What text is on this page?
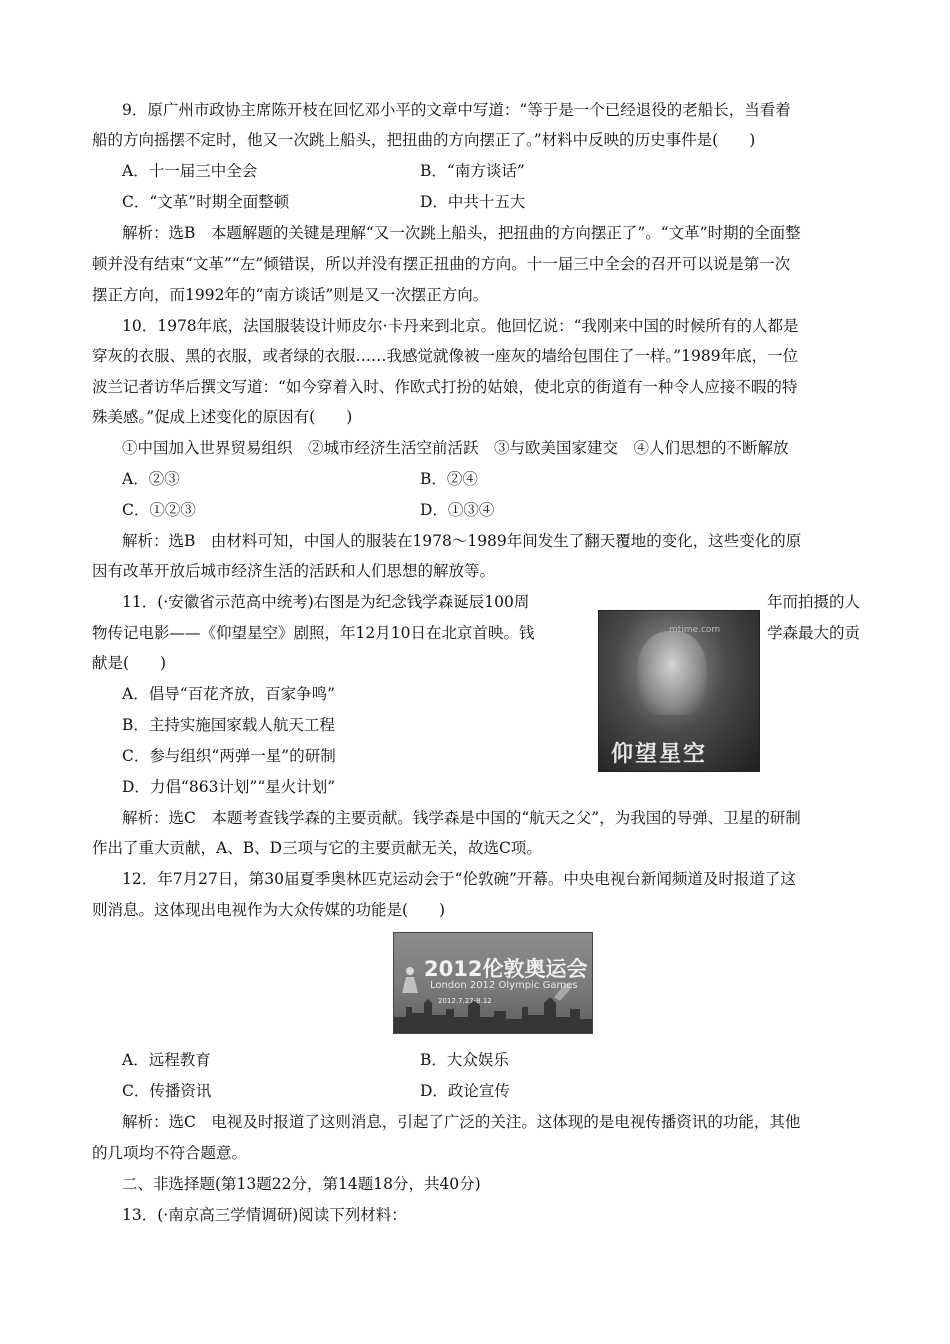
9．原广州市政协主席陈开枝在回忆邓小平的文章中写道：“等于是一个已经退役的老船长，当看着
船的方向摇摆不定时，他又一次跳上船头，把扭曲的方向摆正了。”材料中反映的历史事件是(　　)
A．十一届三中全会	B．“南方谈话”
C．“文革”时期全面整顿	D．中共十五大
解析：选B　本题解题的关键是理解“又一次跳上船头，把扭曲的方向摆正了”。“文革”时期的全面整
顿并没有结束“文革”“左”倾错误，所以并没有摆正扭曲的方向。十一届三中全会的召开可以说是第一次
摆正方向，而1992年的“南方谈话”则是又一次摆正方向。
10．1978年底，法国服装设计师皮尔·卡丹来到北京。他回忆说：“我刚来中国的时候所有的人都是
穿灰的衣服、黑的衣服，或者绿的衣服……我感觉就像被一座灰的墙给包围住了一样。”1989年底，一位
波兰记者访华后撰文写道：“如今穿着入时、作欧式打扮的姑娘，使北京的街道有一种令人应接不暇的特
殊美感。”促成上述变化的原因有(　　)
①中国加入世界贸易组织　②城市经济生活空前活跃　③与欧美国家建交　④人们思想的不断解放
A．②③	B．②④
C．①②③	D．①③④
解析：选B　由材料可知，中国人的服装在1978～1989年间发生了翻天覆地的变化，这些变化的原
因有改革开放后城市经济生活的活跃和人们思想的解放等。
11．(·安徽省示范高中统考)右图是为纪念钱学森诞辰100周	年而拍摄的人
物传记电影——《仰望星空》剧照，年12月10日在北京首映。钱	学森最大的贡
献是(　　)
A．倡导“百花齐放，百家争鸣”
B．主持实施国家载人航天工程
C．参与组织“两弹一星”的研制
D．力倡“863计划”“星火计划”
mtime.com
仰望星空
解析：选C　本题考查钱学森的主要贡献。钱学森是中国的“航天之父”，为我国的导弹、卫星的研制
作出了重大贡献，A、B、D三项与它的主要贡献无关，故选C项。
12．年7月27日，第30届夏季奥林匹克运动会于“伦敦碗”开幕。中央电视台新闻频道及时报道了这
则消息。这体现出电视作为大众传媒的功能是(　　)
2012伦敦奥运会
London 2012 Olympic Games
2012.7.27-8.12
A．远程教育	B．大众娱乐
C．传播资讯	D．政论宣传
解析：选C　电视及时报道了这则消息，引起了广泛的关注。这体现的是电视传播资讯的功能，其他
的几项均不符合题意。
二、非选择题(第13题22分，第14题18分，共40分)
13．(·南京高三学情调研)阅读下列材料：
